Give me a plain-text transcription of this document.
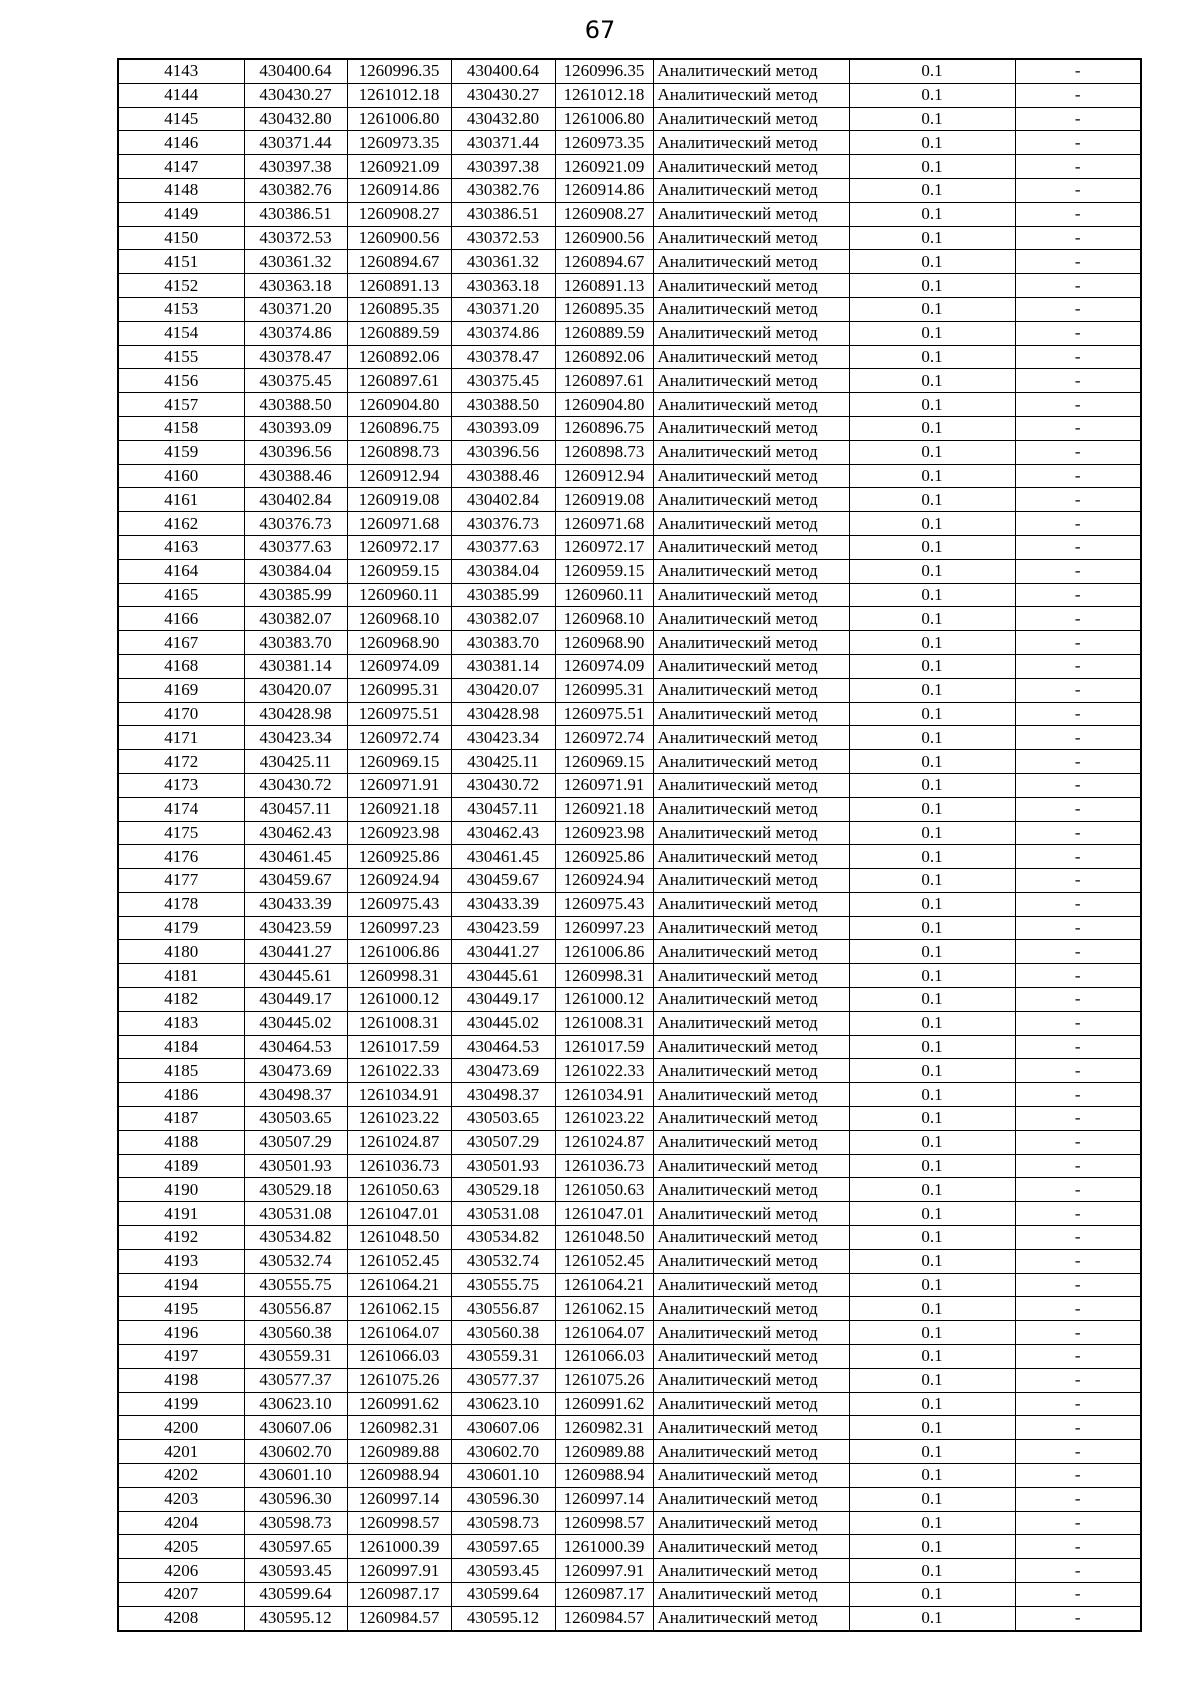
67
4143	430400.64	1260996.35	430400.64	1260996.35	Аналитический метод	0.1	-
4144	430430.27	1261012.18	430430.27	1261012.18	Аналитический метод	0.1	-
4145	430432.80	1261006.80	430432.80	1261006.80	Аналитический метод	0.1	-
4146	430371.44	1260973.35	430371.44	1260973.35	Аналитический метод	0.1	-
4147	430397.38	1260921.09	430397.38	1260921.09	Аналитический метод	0.1	-
4148	430382.76	1260914.86	430382.76	1260914.86	Аналитический метод	0.1	-
4149	430386.51	1260908.27	430386.51	1260908.27	Аналитический метод	0.1	-
4150	430372.53	1260900.56	430372.53	1260900.56	Аналитический метод	0.1	-
4151	430361.32	1260894.67	430361.32	1260894.67	Аналитический метод	0.1	-
4152	430363.18	1260891.13	430363.18	1260891.13	Аналитический метод	0.1	-
4153	430371.20	1260895.35	430371.20	1260895.35	Аналитический метод	0.1	-
4154	430374.86	1260889.59	430374.86	1260889.59	Аналитический метод	0.1	-
4155	430378.47	1260892.06	430378.47	1260892.06	Аналитический метод	0.1	-
4156	430375.45	1260897.61	430375.45	1260897.61	Аналитический метод	0.1	-
4157	430388.50	1260904.80	430388.50	1260904.80	Аналитический метод	0.1	-
4158	430393.09	1260896.75	430393.09	1260896.75	Аналитический метод	0.1	-
4159	430396.56	1260898.73	430396.56	1260898.73	Аналитический метод	0.1	-
4160	430388.46	1260912.94	430388.46	1260912.94	Аналитический метод	0.1	-
4161	430402.84	1260919.08	430402.84	1260919.08	Аналитический метод	0.1	-
4162	430376.73	1260971.68	430376.73	1260971.68	Аналитический метод	0.1	-
4163	430377.63	1260972.17	430377.63	1260972.17	Аналитический метод	0.1	-
4164	430384.04	1260959.15	430384.04	1260959.15	Аналитический метод	0.1	-
4165	430385.99	1260960.11	430385.99	1260960.11	Аналитический метод	0.1	-
4166	430382.07	1260968.10	430382.07	1260968.10	Аналитический метод	0.1	-
4167	430383.70	1260968.90	430383.70	1260968.90	Аналитический метод	0.1	-
4168	430381.14	1260974.09	430381.14	1260974.09	Аналитический метод	0.1	-
4169	430420.07	1260995.31	430420.07	1260995.31	Аналитический метод	0.1	-
4170	430428.98	1260975.51	430428.98	1260975.51	Аналитический метод	0.1	-
4171	430423.34	1260972.74	430423.34	1260972.74	Аналитический метод	0.1	-
4172	430425.11	1260969.15	430425.11	1260969.15	Аналитический метод	0.1	-
4173	430430.72	1260971.91	430430.72	1260971.91	Аналитический метод	0.1	-
4174	430457.11	1260921.18	430457.11	1260921.18	Аналитический метод	0.1	-
4175	430462.43	1260923.98	430462.43	1260923.98	Аналитический метод	0.1	-
4176	430461.45	1260925.86	430461.45	1260925.86	Аналитический метод	0.1	-
4177	430459.67	1260924.94	430459.67	1260924.94	Аналитический метод	0.1	-
4178	430433.39	1260975.43	430433.39	1260975.43	Аналитический метод	0.1	-
4179	430423.59	1260997.23	430423.59	1260997.23	Аналитический метод	0.1	-
4180	430441.27	1261006.86	430441.27	1261006.86	Аналитический метод	0.1	-
4181	430445.61	1260998.31	430445.61	1260998.31	Аналитический метод	0.1	-
4182	430449.17	1261000.12	430449.17	1261000.12	Аналитический метод	0.1	-
4183	430445.02	1261008.31	430445.02	1261008.31	Аналитический метод	0.1	-
4184	430464.53	1261017.59	430464.53	1261017.59	Аналитический метод	0.1	-
4185	430473.69	1261022.33	430473.69	1261022.33	Аналитический метод	0.1	-
4186	430498.37	1261034.91	430498.37	1261034.91	Аналитический метод	0.1	-
4187	430503.65	1261023.22	430503.65	1261023.22	Аналитический метод	0.1	-
4188	430507.29	1261024.87	430507.29	1261024.87	Аналитический метод	0.1	-
4189	430501.93	1261036.73	430501.93	1261036.73	Аналитический метод	0.1	-
4190	430529.18	1261050.63	430529.18	1261050.63	Аналитический метод	0.1	-
4191	430531.08	1261047.01	430531.08	1261047.01	Аналитический метод	0.1	-
4192	430534.82	1261048.50	430534.82	1261048.50	Аналитический метод	0.1	-
4193	430532.74	1261052.45	430532.74	1261052.45	Аналитический метод	0.1	-
4194	430555.75	1261064.21	430555.75	1261064.21	Аналитический метод	0.1	-
4195	430556.87	1261062.15	430556.87	1261062.15	Аналитический метод	0.1	-
4196	430560.38	1261064.07	430560.38	1261064.07	Аналитический метод	0.1	-
4197	430559.31	1261066.03	430559.31	1261066.03	Аналитический метод	0.1	-
4198	430577.37	1261075.26	430577.37	1261075.26	Аналитический метод	0.1	-
4199	430623.10	1260991.62	430623.10	1260991.62	Аналитический метод	0.1	-
4200	430607.06	1260982.31	430607.06	1260982.31	Аналитический метод	0.1	-
4201	430602.70	1260989.88	430602.70	1260989.88	Аналитический метод	0.1	-
4202	430601.10	1260988.94	430601.10	1260988.94	Аналитический метод	0.1	-
4203	430596.30	1260997.14	430596.30	1260997.14	Аналитический метод	0.1	-
4204	430598.73	1260998.57	430598.73	1260998.57	Аналитический метод	0.1	-
4205	430597.65	1261000.39	430597.65	1261000.39	Аналитический метод	0.1	-
4206	430593.45	1260997.91	430593.45	1260997.91	Аналитический метод	0.1	-
4207	430599.64	1260987.17	430599.64	1260987.17	Аналитический метод	0.1	-
4208	430595.12	1260984.57	430595.12	1260984.57	Аналитический метод	0.1	-
